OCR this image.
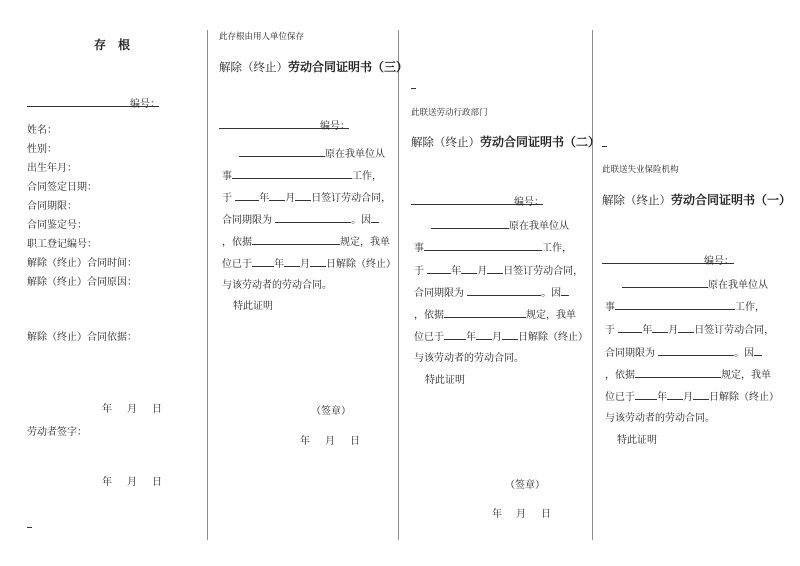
存 根
编号：
姓名：
性别：
出生年月：
合同签定日期：
合同期限：
合同鉴定号：
职工登记编号：
解除（终止）合同时间：
解除（终止）合同原因：
解除（终止）合同依据：
年 月 日
劳动者签字：
年 月 日
此存根由用人单位保存
解除（终止）劳动合同证明书（三）
编号：
原在我单位从
事	工作，
于	年 月 日签订劳动合同，
合同期限为	。因
，依据	规定，我单
位已于 年 月 日解除（终止）
与该劳动者的劳动合同。
特此证明
（签章）
年 月 日
此联送劳动行政部门
解除（终止）劳动合同证明书（二）
编号：
原在我单位从
事	工作，
于	年 月 日签订劳动合同，
合同期限为	。因
，依据	规定，我单
位已于 年 月 日解除（终止）
与该劳动者的劳动合同。
特此证明
（签章）
年 月 日
此联送失业保险机构
解除（终止）劳动合同证明书（一）
编号：
原在我单位从
事	工作，
于	年 月 日签订劳动合同，
合同期限为	。因
，依据	规定，我单
位已于 年 月 日解除（终止）
与该劳动者的劳动合同。
特此证明
